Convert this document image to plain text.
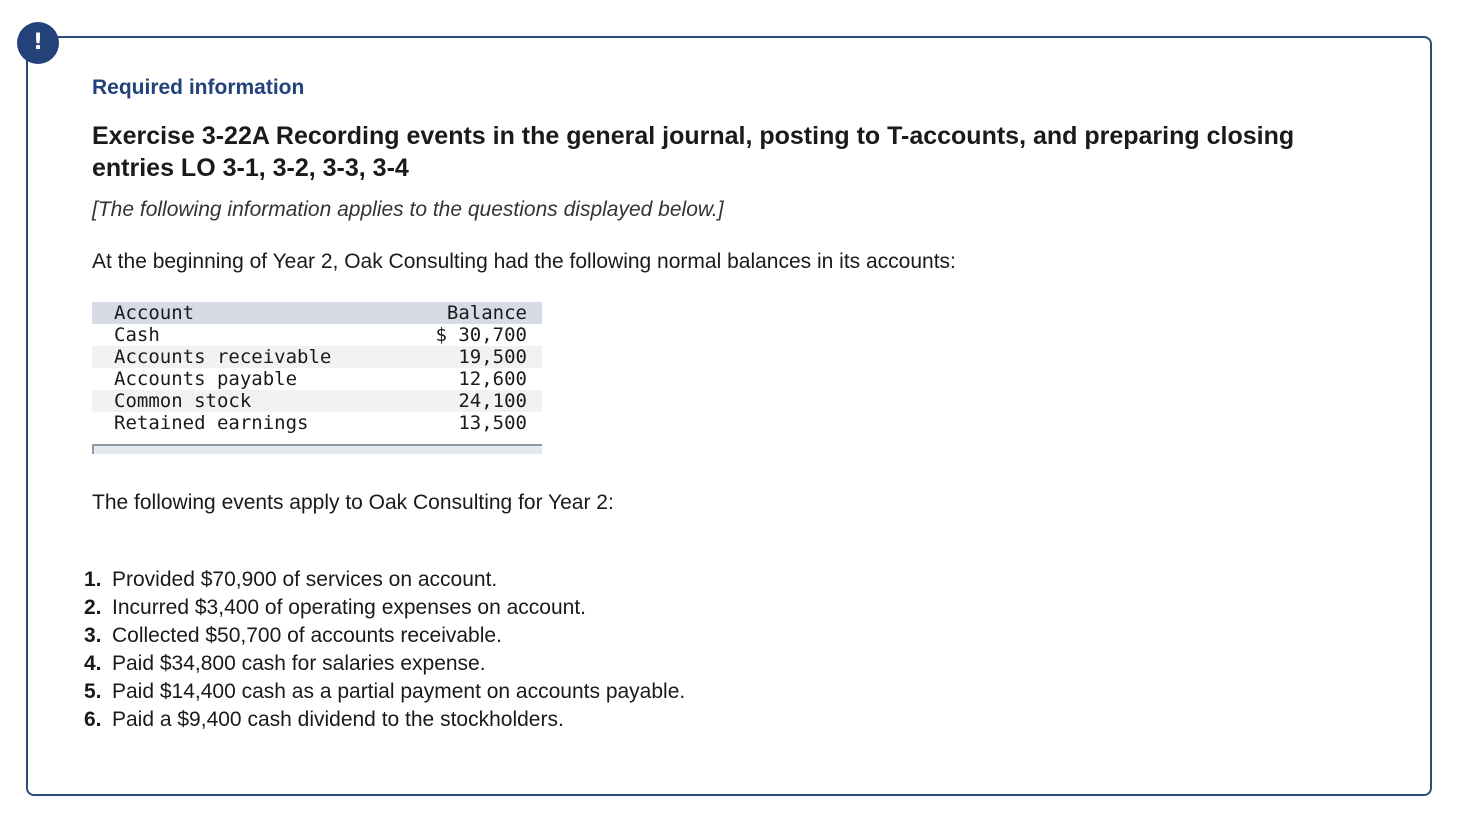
!
Required information
Exercise 3-22A Recording events in the general journal, posting to T-accounts, and preparing closing entries LO 3-1, 3-2, 3-3, 3-4
[The following information applies to the questions displayed below.]
At the beginning of Year 2, Oak Consulting had the following normal balances in its accounts:
Account	Balance
Cash	$ 30,700
Accounts receivable	19,500
Accounts payable	12,600
Common stock	24,100
Retained earnings	13,500
The following events apply to Oak Consulting for Year 2:
1. Provided $70,900 of services on account.
2. Incurred $3,400 of operating expenses on account.
3. Collected $50,700 of accounts receivable.
4. Paid $34,800 cash for salaries expense.
5. Paid $14,400 cash as a partial payment on accounts payable.
6. Paid a $9,400 cash dividend to the stockholders.
